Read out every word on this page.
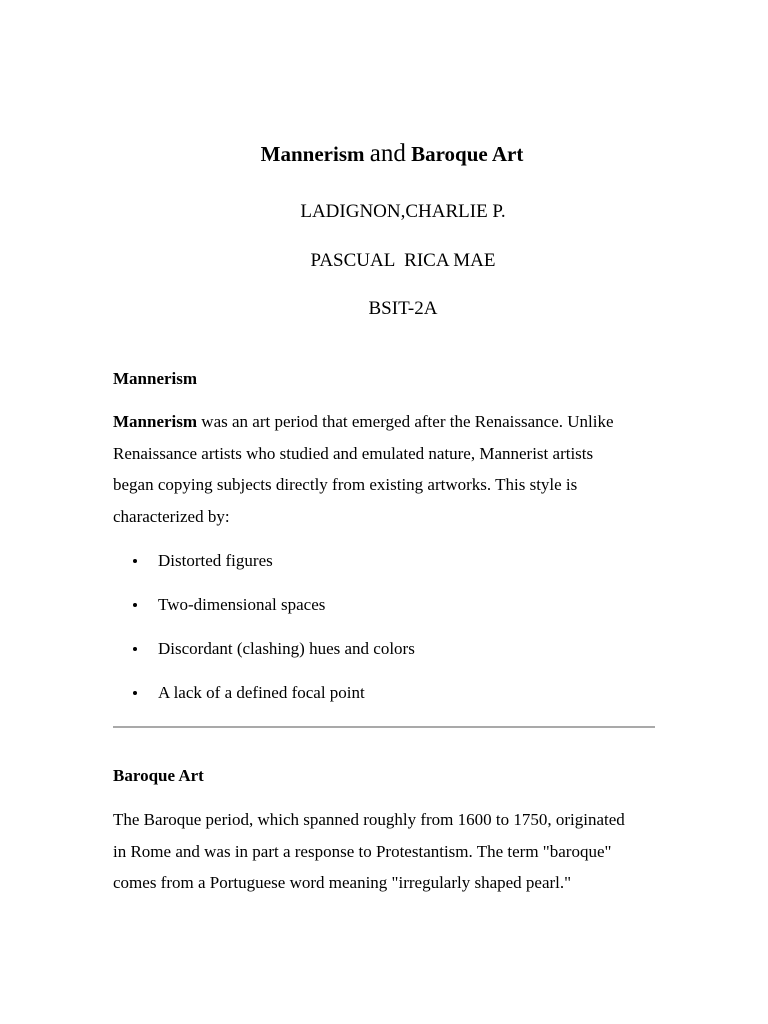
Mannerism and Baroque Art
LADIGNON,CHARLIE P.
PASCUAL  RICA MAE
BSIT-2A
Mannerism
Mannerism was an art period that emerged after the Renaissance. Unlike
Renaissance artists who studied and emulated nature, Mannerist artists
began copying subjects directly from existing artworks. This style is
characterized by:
Distorted figures
Two-dimensional spaces
Discordant (clashing) hues and colors
A lack of a defined focal point
Baroque Art
The Baroque period, which spanned roughly from 1600 to 1750, originated
in Rome and was in part a response to Protestantism. The term "baroque"
comes from a Portuguese word meaning "irregularly shaped pearl."
